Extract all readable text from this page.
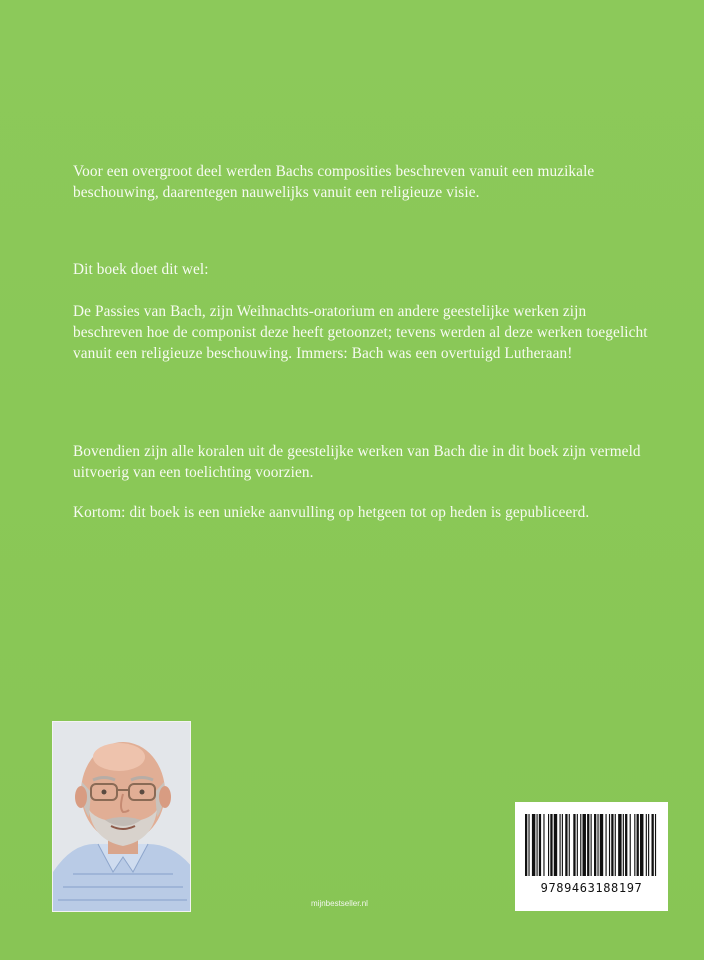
Voor een overgroot deel werden Bachs composities beschreven vanuit een muzikale beschouwing, daarentegen nauwelijks vanuit een religieuze visie.

Dit boek doet dit wel:

De Passies van Bach, zijn Weihnachts-oratorium en andere geestelijke werken zijn beschreven hoe de componist deze heeft getoonzet; tevens werden al deze werken toegelicht vanuit een religieuze beschouwing. Immers: Bach was een overtuigd Lutheraan!

Bovendien zijn alle koralen uit de geestelijke werken van Bach die in dit boek zijn vermeld uitvoerig van een toelichting voorzien.

Kortom: dit boek is een unieke aanvulling op hetgeen tot op heden is gepubliceerd.

mijnbestseller.nl
9789463188197
